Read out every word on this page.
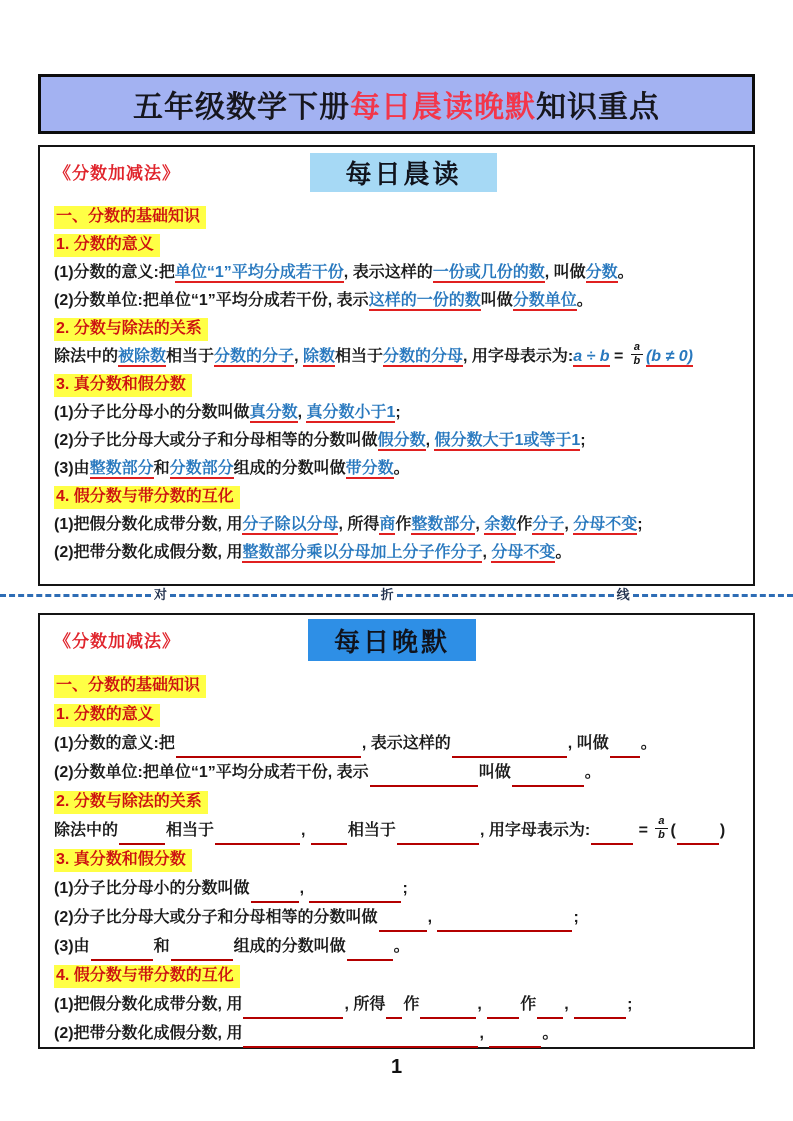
五年级数学下册 每日晨读晚默 知识重点
《分数加减法》	每日晨读
一、分数的基础知识
1. 分数的意义
(1)分数的意义:把单位“1”平均分成若干份, 表示这样的一份或几份的数, 叫做分数。
(2)分数单位:把单位“1”平均分成若干份, 表示这样的一份的数叫做分数单位。
2. 分数与除法的关系
除法中的被除数相当于分数的分子, 除数相当于分数的分母, 用字母表示为:a ÷ $b = \frac{a}{b} (b \ne 0)$
3. 真分数和假分数
(1)分子比分母小的分数叫做真分数, 真分数小于1;
(2)分子比分母大或分子和分母相等的分数叫做假分数, 假分数大于1或等于1;
(3)由整数部分和分数部分组成的分数叫做带分数。
4. 假分数与带分数的互化
(1)把假分数化成带分数, 用分子除以分母, 所得商作整数部分, 余数作分子, 分母不变;
(2)把带分数化成假分数, 用整数部分乘以分母加上分子作分子, 分母不变。
对	折	线
《分数加减法》	每日晚默
一、分数的基础知识
1. 分数的意义
(1)分数的意义:把	, 表示这样的	, 叫做 。
(2)分数单位:把单位“1”平均分成若干份, 表示	叫做	。
2. 分数与除法的关系
除法中的	相当于	, 相当于	, 用字母表示为:	= $\frac{a}{b}$ (	)
3. 真分数和假分数
(1)分子比分母小的分数叫做	,	;
(2)分子比分母大或分子和分母相等的分数叫做	,	;
(3)由	和	组成的分数叫做	。
4. 假分数与带分数的互化
(1)把假分数化成带分数, 用	, 所得 作	, 作 ,	;
(2)把带分数化成假分数, 用	,	。
1
